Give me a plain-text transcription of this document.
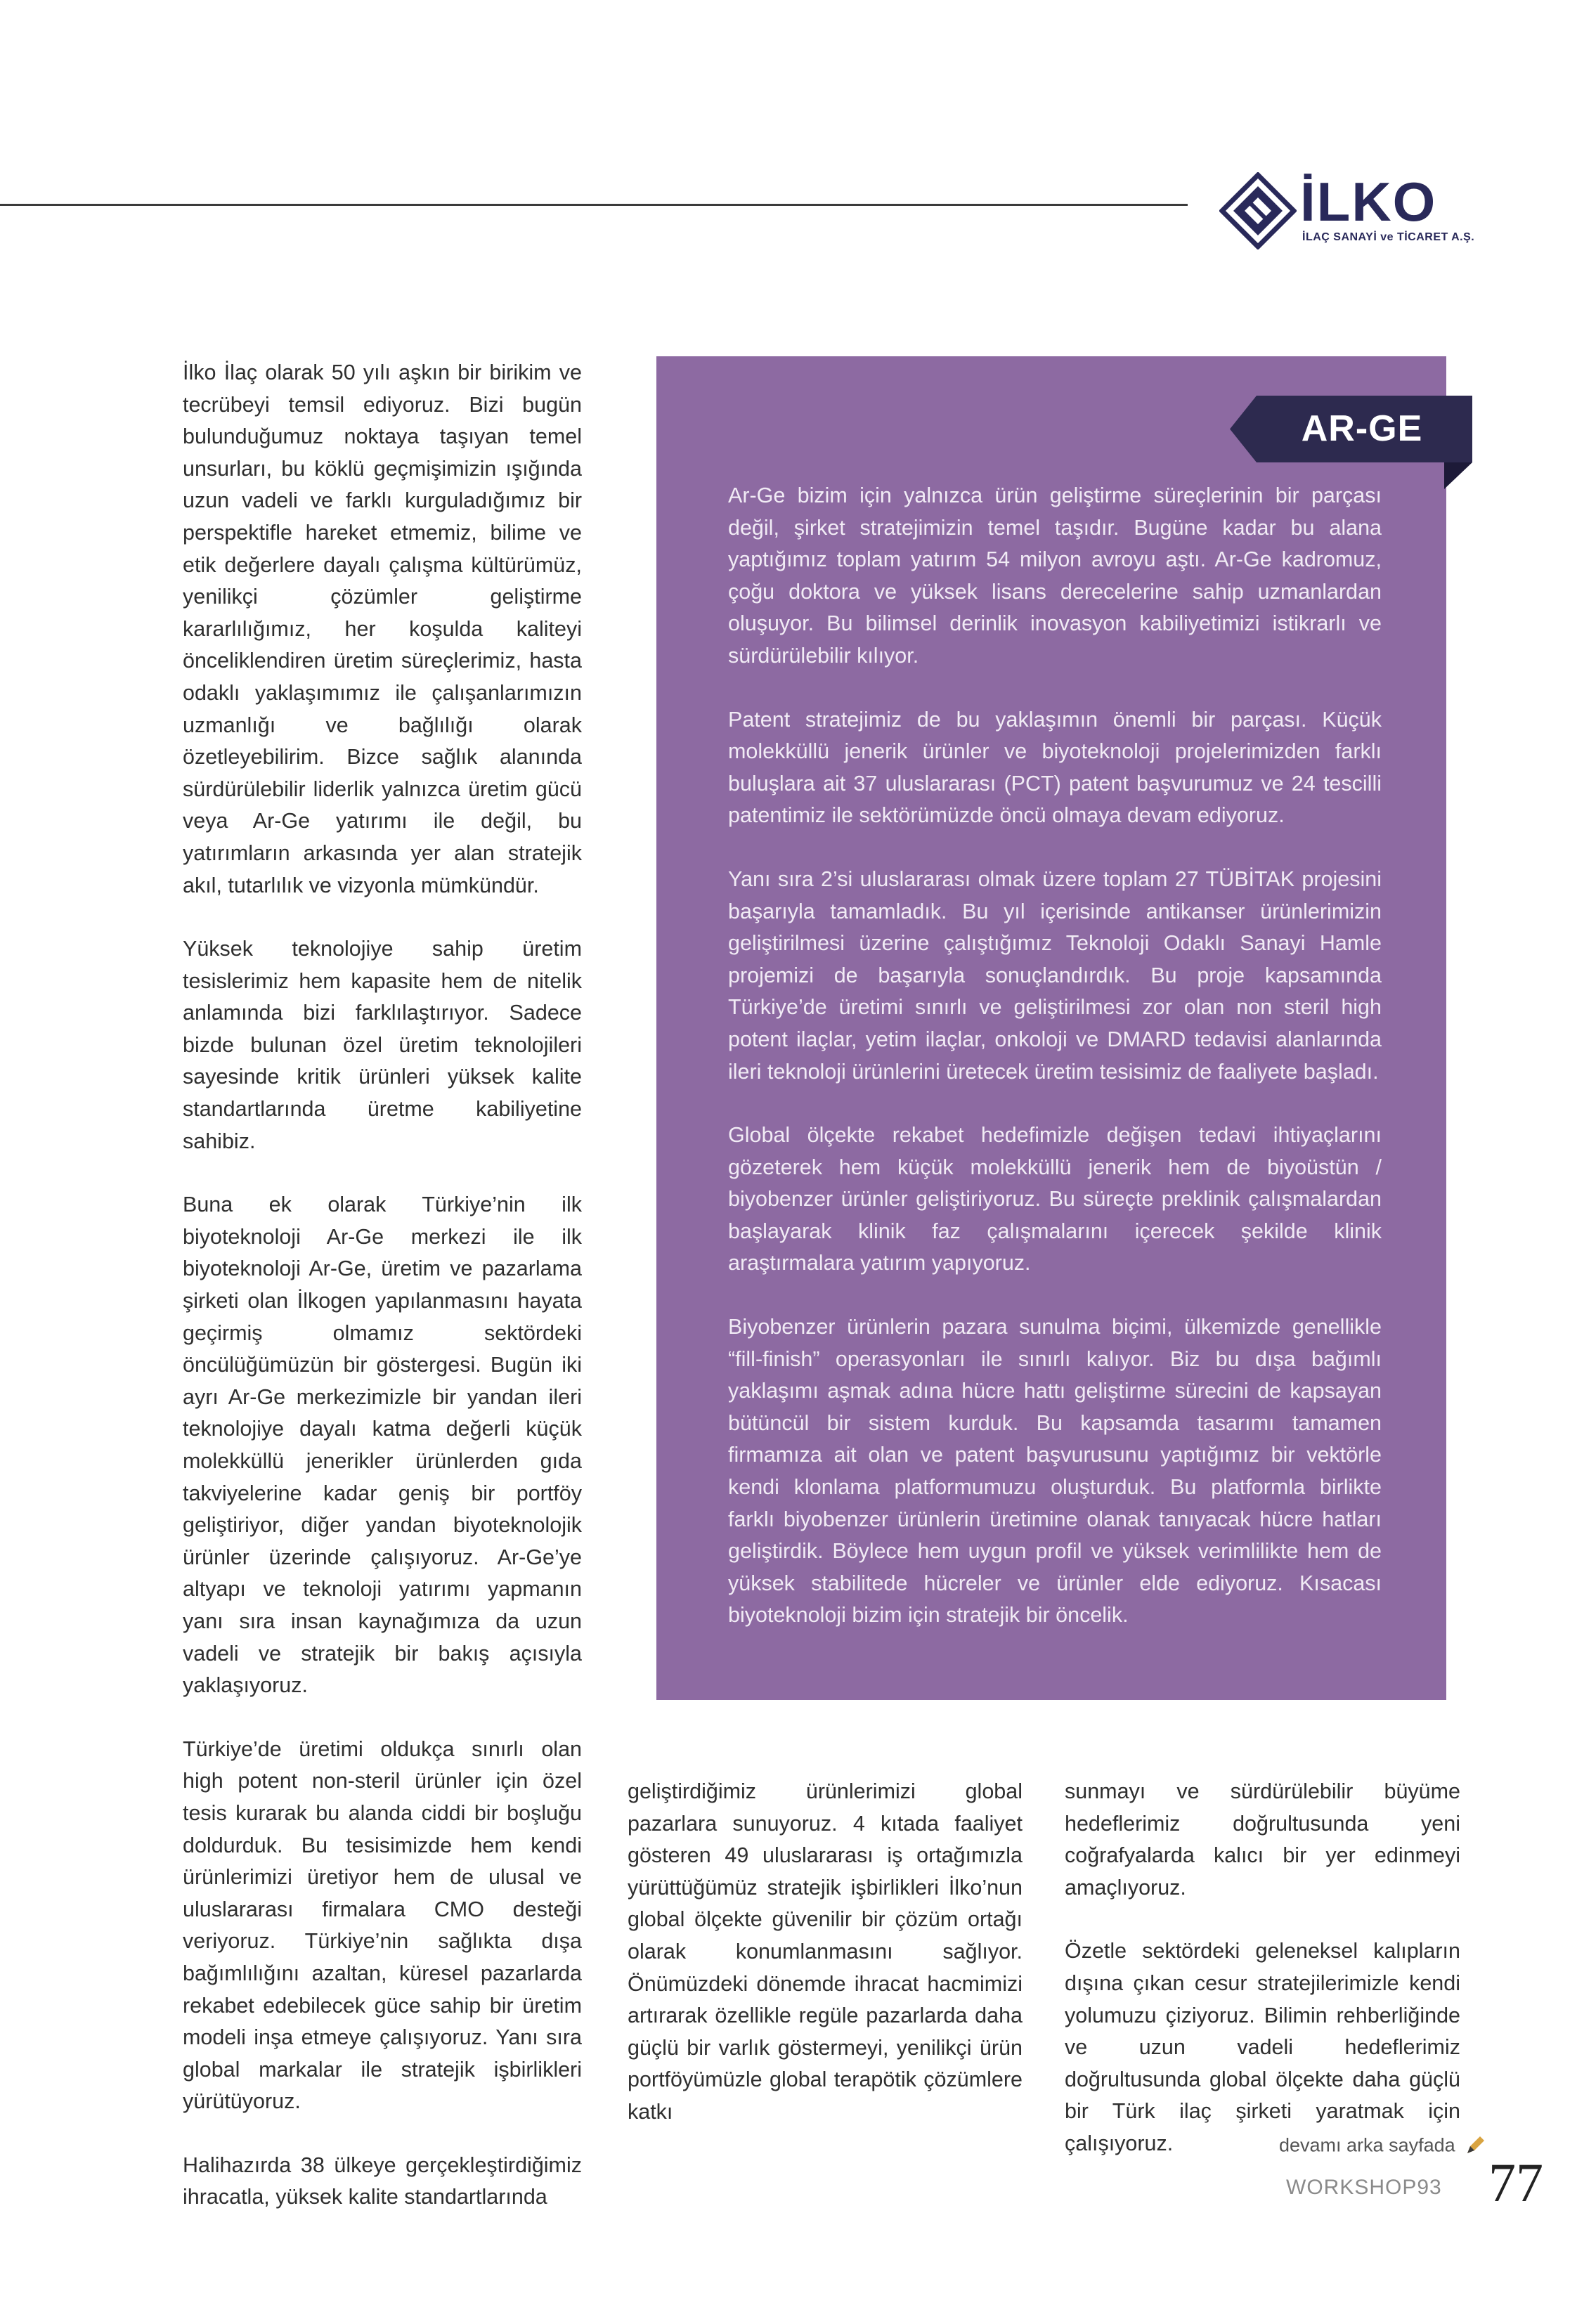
İLKO
İLAÇ SANAYİ ve TİCARET A.Ş.

İlko İlaç olarak 50 yılı aşkın bir birikim ve tecrübeyi temsil ediyoruz. Bizi bugün bulunduğumuz noktaya taşıyan temel unsurları, bu köklü geçmişimizin ışığında uzun vadeli ve farklı kurguladığımız bir perspektifle hareket etmemiz, bilime ve etik değerlere dayalı çalışma kültürümüz, yenilikçi çözümler geliştirme kararlılığımız, her koşulda kaliteyi önceliklendiren üretim süreçlerimiz, hasta odaklı yaklaşımımız ile çalışanlarımızın uzmanlığı ve bağlılığı olarak özetleyebilirim. Bizce sağlık alanında sürdürülebilir liderlik yalnızca üretim gücü veya Ar-Ge yatırımı ile değil, bu yatırımların arkasında yer alan stratejik akıl, tutarlılık ve vizyonla mümkündür.

Yüksek teknolojiye sahip üretim tesislerimiz hem kapasite hem de nitelik anlamında bizi farklılaştırıyor. Sadece bizde bulunan özel üretim teknolojileri sayesinde kritik ürünleri yüksek kalite standartlarında üretme kabiliyetine sahibiz.

Buna ek olarak Türkiye’nin ilk biyoteknoloji Ar-Ge merkezi ile ilk biyoteknoloji Ar-Ge, üretim ve pazarlama şirketi olan İlkogen yapılanmasını hayata geçirmiş olmamız sektördeki öncülüğümüzün bir göstergesi. Bugün iki ayrı Ar-Ge merkezimizle bir yandan ileri teknolojiye dayalı katma değerli küçük molekküllü jenerikler ürünlerden gıda takviyelerine kadar geniş bir portföy geliştiriyor, diğer yandan biyoteknolojik ürünler üzerinde çalışıyoruz. Ar-Ge’ye altyapı ve teknoloji yatırımı yapmanın yanı sıra insan kaynağımıza da uzun vadeli ve stratejik bir bakış açısıyla yaklaşıyoruz.

Türkiye’de üretimi oldukça sınırlı olan high potent non-steril ürünler için özel tesis kurarak bu alanda ciddi bir boşluğu doldurduk. Bu tesisimizde hem kendi ürünlerimizi üretiyor hem de ulusal ve uluslararası firmalara CMO desteği veriyoruz. Türkiye’nin sağlıkta dışa bağımlılığını azaltan, küresel pazarlarda rekabet edebilecek güce sahip bir üretim modeli inşa etmeye çalışıyoruz. Yanı sıra global markalar ile stratejik işbirlikleri yürütüyoruz.

Halihazırda 38 ülkeye gerçekleştirdiğimiz ihracatla, yüksek kalite standartlarında

AR-GE

Ar-Ge bizim için yalnızca ürün geliştirme süreçlerinin bir parçası değil, şirket stratejimizin temel taşıdır. Bugüne kadar bu alana yaptığımız toplam yatırım 54 milyon avroyu aştı. Ar-Ge kadromuz, çoğu doktora ve yüksek lisans derecelerine sahip uzmanlardan oluşuyor. Bu bilimsel derinlik inovasyon kabiliyetimizi istikrarlı ve sürdürülebilir kılıyor.

Patent stratejimiz de bu yaklaşımın önemli bir parçası. Küçük molekküllü jenerik ürünler ve biyoteknoloji projelerimizden farklı buluşlara ait 37 uluslararası (PCT) patent başvurumuz ve 24 tescilli patentimiz ile sektörümüzde öncü olmaya devam ediyoruz.

Yanı sıra 2’si uluslararası olmak üzere toplam 27 TÜBİTAK projesini başarıyla tamamladık. Bu yıl içerisinde antikanser ürünlerimizin geliştirilmesi üzerine çalıştığımız Teknoloji Odaklı Sanayi Hamle projemizi de başarıyla sonuçlandırdık. Bu proje kapsamında Türkiye’de üretimi sınırlı ve geliştirilmesi zor olan non steril high potent ilaçlar, yetim ilaçlar, onkoloji ve DMARD tedavisi alanlarında ileri teknoloji ürünlerini üretecek üretim tesisimiz de faaliyete başladı.

Global ölçekte rekabet hedefimizle değişen tedavi ihtiyaçlarını gözeterek hem küçük molekküllü jenerik hem de biyoüstün / biyobenzer ürünler geliştiriyoruz. Bu süreçte preklinik çalışmalardan başlayarak klinik faz çalışmalarını içerecek şekilde klinik araştırmalara yatırım yapıyoruz.

Biyobenzer ürünlerin pazara sunulma biçimi, ülkemizde genellikle “fill-finish” operasyonları ile sınırlı kalıyor. Biz bu dışa bağımlı yaklaşımı aşmak adına hücre hattı geliştirme sürecini de kapsayan bütüncül bir sistem kurduk. Bu kapsamda tasarımı tamamen firmamıza ait olan ve patent başvurusunu yaptığımız bir vektörle kendi klonlama platformumuzu oluşturduk. Bu platformla birlikte farklı biyobenzer ürünlerin üretimine olanak tanıyacak hücre hatları geliştirdik. Böylece hem uygun profil ve yüksek verimlilikte hem de yüksek stabilitede hücreler ve ürünler elde ediyoruz. Kısacası biyoteknoloji bizim için stratejik bir öncelik.

geliştirdiğimiz ürünlerimizi global pazarlara sunuyoruz. 4 kıtada faaliyet gösteren 49 uluslararası iş ortağımızla yürüttüğümüz stratejik işbirlikleri İlko’nun global ölçekte güvenilir bir çözüm ortağı olarak konumlanmasını sağlıyor. Önümüzdeki dönemde ihracat hacmimizi artırarak özellikle regüle pazarlarda daha güçlü bir varlık göstermeyi, yenilikçi ürün portföyümüzle global terapötik çözümlere katkı

sunmayı ve sürdürülebilir büyüme hedeflerimiz doğrultusunda yeni coğrafyalarda kalıcı bir yer edinmeyi amaçlıyoruz.

Özetle sektördeki geleneksel kalıpların dışına çıkan cesur stratejilerimizle kendi yolumuzu çiziyoruz. Bilimin rehberliğinde ve uzun vadeli hedeflerimiz doğrultusunda global ölçekte daha güçlü bir Türk ilaç şirketi yaratmak için çalışıyoruz.	devamı arka sayfada
WORKSHOP93 77
